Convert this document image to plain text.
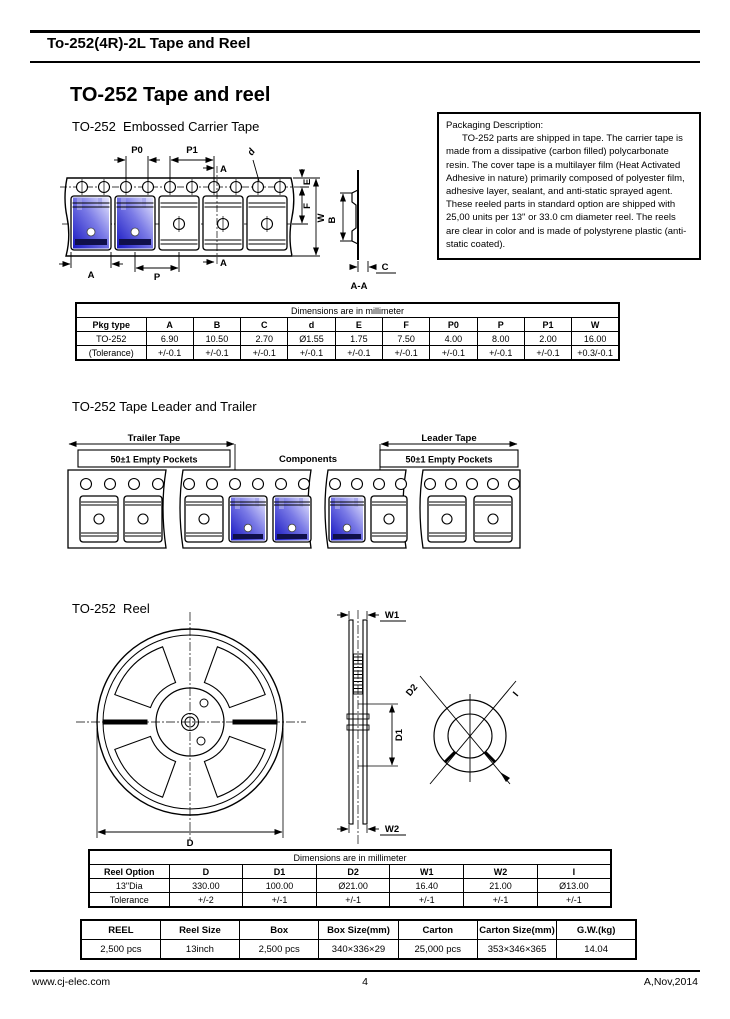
To-252(4R)-2L Tape and Reel
TO-252 Tape and reel
TO-252  Embossed Carrier Tape	Packaging Description:
TO-252 parts are shipped in tape. The carrier tape is made from a dissipative (carbon filled) polycarbonate resin. The cover tape is a multilayer film (Heat Activated Adhesive in nature) primarily composed of polyester film, adhesive layer, sealant, and anti-static sprayed agent. These reeled parts in standard option are shipped with 25,00 units per 13" or 33.0 cm diameter reel. The reels are clear in color and is made of polystyrene plastic (anti-static coated).
P0	P1
A
d
E
F
W
A	P
A
B
C
A-A
Dimensions are in millimeter										
Pkg type	A	B	C	d	E	F	P0	P	P1	W
TO-252	6.90	10.50	2.70	Ø1.55	1.75	7.50	4.00	8.00	2.00	16.00
(Tolerance)	+/-0.1	+/-0.1	+/-0.1	+/-0.1	+/-0.1	+/-0.1	+/-0.1	+/-0.1	+/-0.1	+0.3/-0.1
TO-252 Tape Leader and Trailer
Trailer Tape
50±1 Empty Pockets	Components
Leader Tape
50±1 Empty Pockets
TO-252  Reel
D
W1
W2
D1
D2	I
Dimensions are in millimeter						
Reel Option	D	D1	D2	W1	W2	I
13"Dia	330.00	100.00	Ø21.00	16.40	21.00	Ø13.00
Tolerance	+/-2	+/-1	+/-1	+/-1	+/-1	+/-1
REEL	Reel Size	Box	Box Size(mm)	Carton	Carton Size(mm)	G.W.(kg)
2,500 pcs	13inch	2,500 pcs	340×336×29	25,000 pcs	353×346×365	14.04
www.cj-elec.com	4	A,Nov,2014
